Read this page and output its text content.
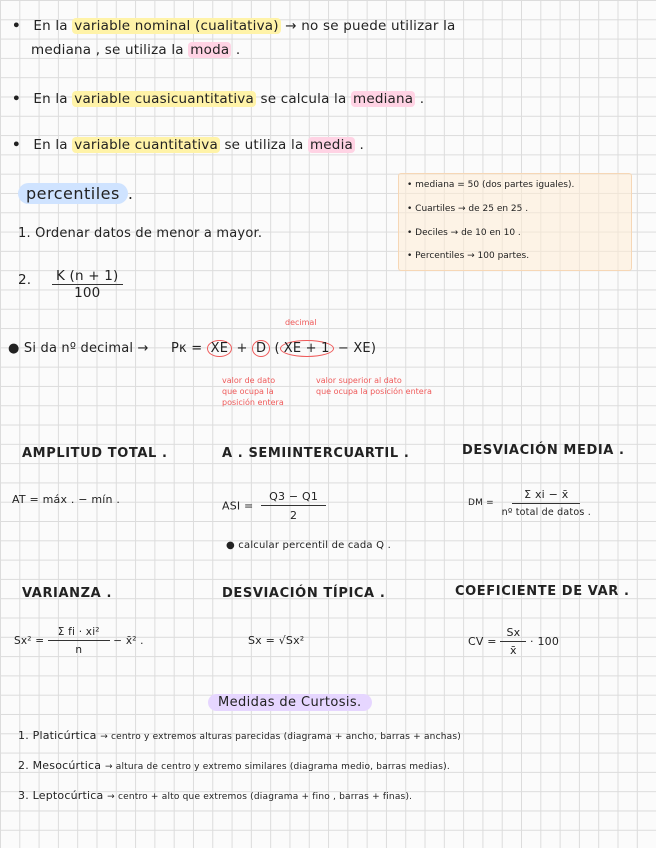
• En la variable nominal (cualitativa) → no se puede utilizar la
mediana , se utiliza la moda .
• En la variable cuasicuantitativa se calcula la mediana .
• En la variable cuantitativa se utiliza la media .
percentiles .	• mediana = 50 (dos partes iguales).
• Cuartiles → de 25 en 25 .
• Deciles → de 10 en 10 .
• Percentiles → 100 partes.
1. Ordenar datos de menor a mayor.
2. $\frac{K (n + 1)}{100}$
decimal
● Si da nº decimal → Pκ = XE + D ( XE + 1 − XE)
valor de dato
que ocupa la
posición entera
valor superior al dato
que ocupa la posición entera
AMPLITUD TOTAL .	A . SEMIINTERCUARTIL .	DESVIACIÓN MEDIA .
AT = máx . − mín .	ASI = $\frac{Q3 - Q1}{2}$
● calcular percentil de cada Q .
DM = $\frac{\text{Σ xi − x̄}}{\text{nº total de datos .}}$
VARIANZA .	DESVIACIÓN TÍPICA .	COEFICIENTE DE VAR .
$Sx^2 = \frac{\text{Σ fi · xi²}}{n}$ − x̄² .	Sx = √Sx²	CV = $\frac{Sx}{x̄} \cdot 100$
Medidas de Curtosis.
1. Platicúrtica → centro y extremos alturas parecidas (diagrama + ancho, barras + anchas)
2. Mesocúrtica → altura de centro y extremo similares (diagrama medio, barras medias).
3. Leptocúrtica → centro + alto que extremos (diagrama + fino , barras + finas).
